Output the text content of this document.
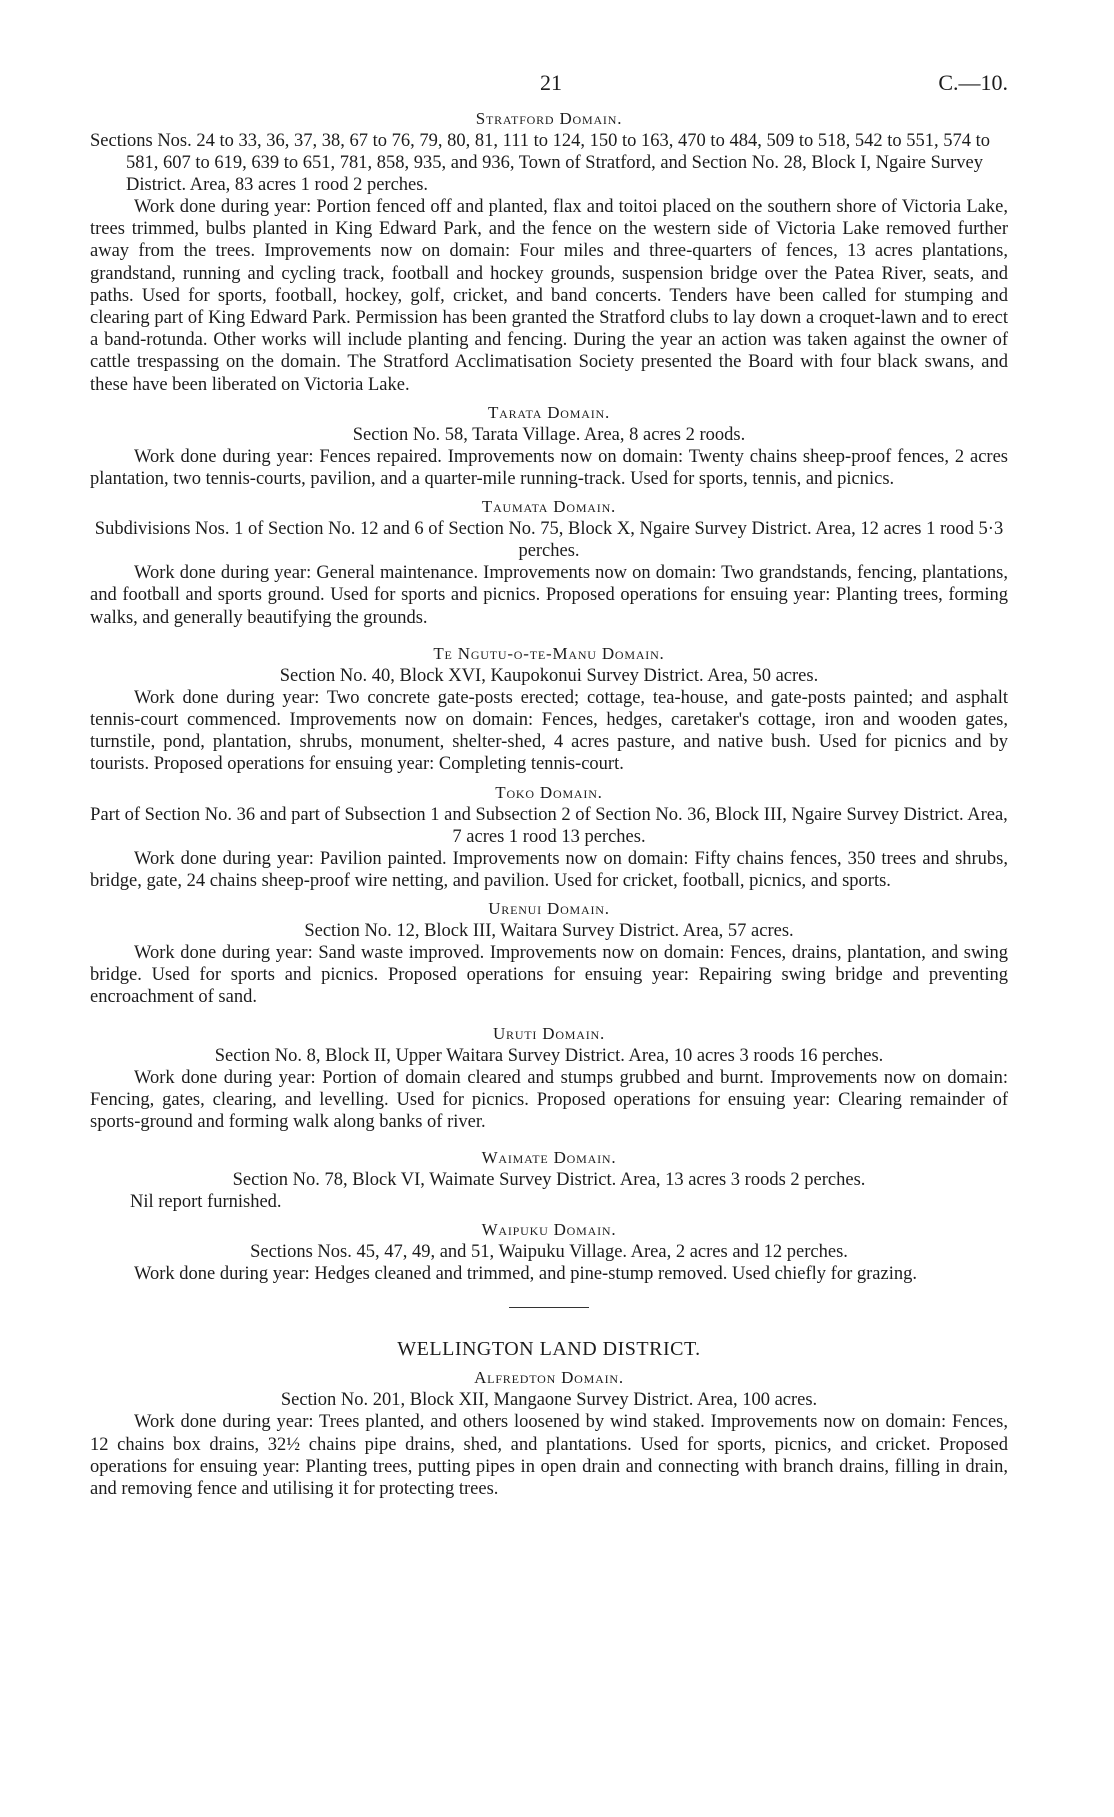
21	C.—10.

Stratford Domain.

Sections Nos. 24 to 33, 36, 37, 38, 67 to 76, 79, 80, 81, 111 to 124, 150 to 163, 470 to 484, 509 to 518, 542 to 551, 574 to 581, 607 to 619, 639 to 651, 781, 858, 935, and 936, Town of Stratford, and Section No. 28, Block I, Ngaire Survey District. Area, 83 acres 1 rood 2 perches.

Work done during year: Portion fenced off and planted, flax and toitoi placed on the southern shore of Victoria Lake, trees trimmed, bulbs planted in King Edward Park, and the fence on the western side of Victoria Lake removed further away from the trees. Improvements now on domain: Four miles and three-quarters of fences, 13 acres plantations, grandstand, running and cycling track, football and hockey grounds, suspension bridge over the Patea River, seats, and paths. Used for sports, football, hockey, golf, cricket, and band concerts. Tenders have been called for stumping and clearing part of King Edward Park. Permission has been granted the Stratford clubs to lay down a croquet-lawn and to erect a band-rotunda. Other works will include planting and fencing. During the year an action was taken against the owner of cattle trespassing on the domain. The Stratford Acclimatisation Society presented the Board with four black swans, and these have been liberated on Victoria Lake.

Tarata Domain.

Section No. 58, Tarata Village. Area, 8 acres 2 roods.

Work done during year: Fences repaired. Improvements now on domain: Twenty chains sheep-proof fences, 2 acres plantation, two tennis-courts, pavilion, and a quarter-mile running-track. Used for sports, tennis, and picnics.

Taumata Domain.

Subdivisions Nos. 1 of Section No. 12 and 6 of Section No. 75, Block X, Ngaire Survey District. Area, 12 acres 1 rood 5·3 perches.

Work done during year: General maintenance. Improvements now on domain: Two grandstands, fencing, plantations, and football and sports ground. Used for sports and picnics. Proposed operations for ensuing year: Planting trees, forming walks, and generally beautifying the grounds.

Te Ngutu-o-te-Manu Domain.

Section No. 40, Block XVI, Kaupokonui Survey District. Area, 50 acres.

Work done during year: Two concrete gate-posts erected; cottage, tea-house, and gate-posts painted; and asphalt tennis-court commenced. Improvements now on domain: Fences, hedges, caretaker's cottage, iron and wooden gates, turnstile, pond, plantation, shrubs, monument, shelter-shed, 4 acres pasture, and native bush. Used for picnics and by tourists. Proposed operations for ensuing year: Completing tennis-court.

Toko Domain.

Part of Section No. 36 and part of Subsection 1 and Subsection 2 of Section No. 36, Block III, Ngaire Survey District. Area, 7 acres 1 rood 13 perches.

Work done during year: Pavilion painted. Improvements now on domain: Fifty chains fences, 350 trees and shrubs, bridge, gate, 24 chains sheep-proof wire netting, and pavilion. Used for cricket, football, picnics, and sports.

Urenui Domain.

Section No. 12, Block III, Waitara Survey District. Area, 57 acres.

Work done during year: Sand waste improved. Improvements now on domain: Fences, drains, plantation, and swing bridge. Used for sports and picnics. Proposed operations for ensuing year: Repairing swing bridge and preventing encroachment of sand.

Uruti Domain.

Section No. 8, Block II, Upper Waitara Survey District. Area, 10 acres 3 roods 16 perches.

Work done during year: Portion of domain cleared and stumps grubbed and burnt. Improvements now on domain: Fencing, gates, clearing, and levelling. Used for picnics. Proposed operations for ensuing year: Clearing remainder of sports-ground and forming walk along banks of river.

Waimate Domain.

Section No. 78, Block VI, Waimate Survey District. Area, 13 acres 3 roods 2 perches.

Nil report furnished.

Waipuku Domain.

Sections Nos. 45, 47, 49, and 51, Waipuku Village. Area, 2 acres and 12 perches.

Work done during year: Hedges cleaned and trimmed, and pine-stump removed. Used chiefly for grazing.

WELLINGTON LAND DISTRICT.

Alfredton Domain.

Section No. 201, Block XII, Mangaone Survey District. Area, 100 acres.

Work done during year: Trees planted, and others loosened by wind staked. Improvements now on domain: Fences, 12 chains box drains, 32½ chains pipe drains, shed, and plantations. Used for sports, picnics, and cricket. Proposed operations for ensuing year: Planting trees, putting pipes in open drain and connecting with branch drains, filling in drain, and removing fence and utilising it for protecting trees.
